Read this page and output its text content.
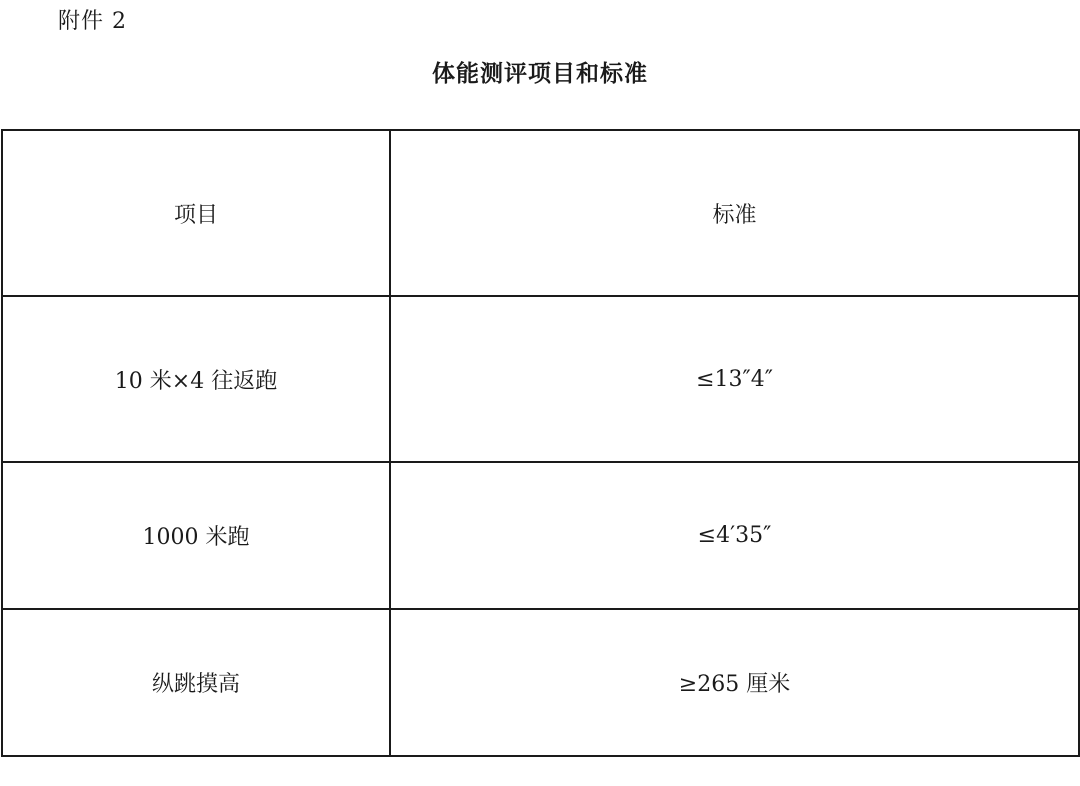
附件 2
体能测评项目和标准
项目	标准
10 米×4 往返跑	≤13″4″
1000 米跑	≤4′35″
纵跳摸高	≥265 厘米
